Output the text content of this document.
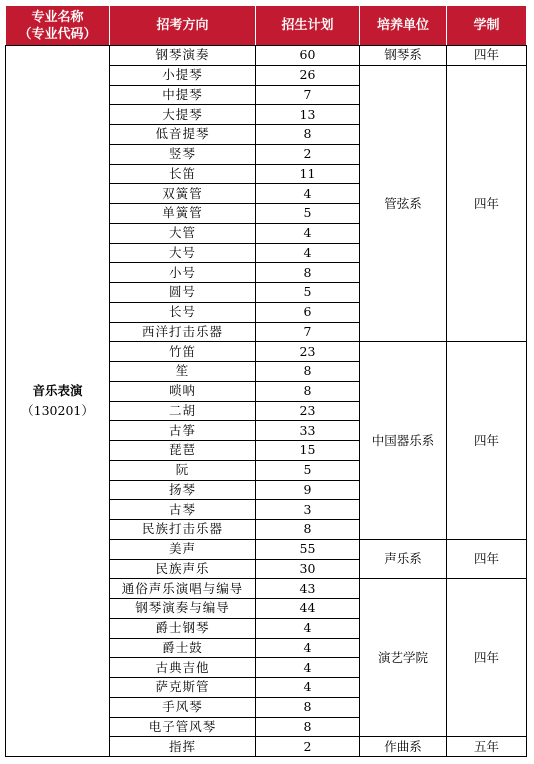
专业名称
（专业代码）	招考方向	招生计划	培养单位	学制

音乐表演
（130201）	钢琴演奏	60	钢琴系	四年
	小提琴	26	管弦系	四年
	中提琴	7		
	大提琴	13		
	低音提琴	8		
	竖琴	2		
	长笛	11		
	双簧管	4		
	单簧管	5		
	大管	4		
	大号	4		
	小号	8		
	圆号	5		
	长号	6		
	西洋打击乐器	7		
	竹笛	23	中国器乐系	四年
	笙	8		
	唢呐	8		
	二胡	23		
	古筝	33		
	琵琶	15		
	阮	5		
	扬琴	9		
	古琴	3		
	民族打击乐器	8		
	美声	55	声乐系	四年
	民族声乐	30		
	通俗声乐演唱与编导	43	演艺学院	四年
	钢琴演奏与编导	44		
	爵士钢琴	4		
	爵士鼓	4		
	古典吉他	4		
	萨克斯管	4		
	手风琴	8		
	电子管风琴	8		
	指挥	2	作曲系	五年
